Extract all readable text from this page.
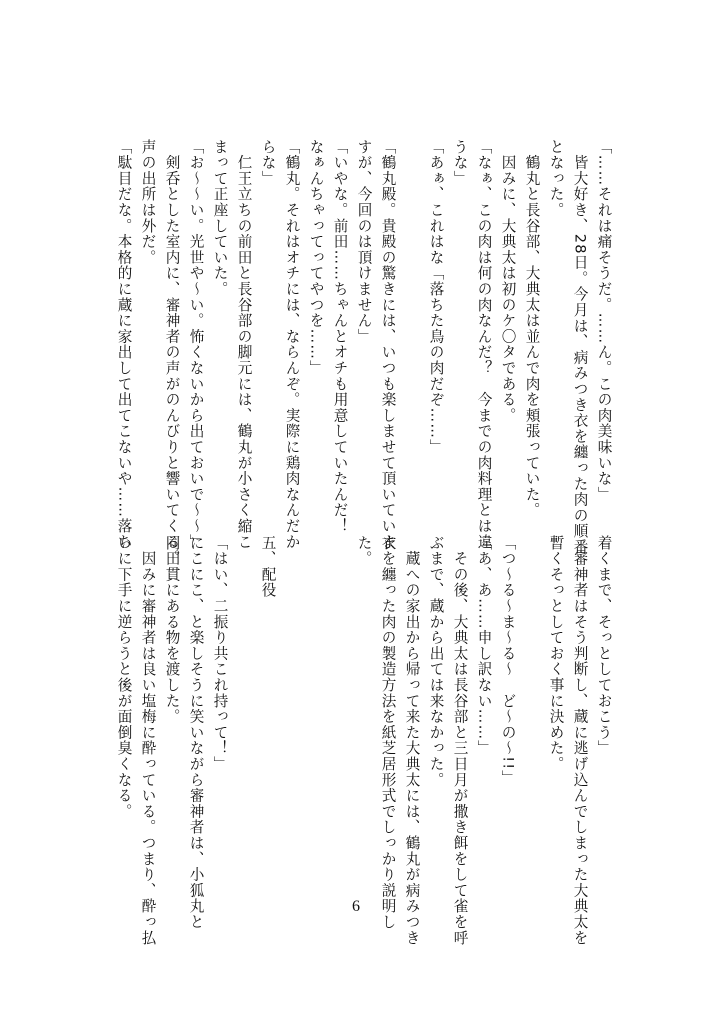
「……それは痛そうだ。……ん。この肉美味いな」
　皆大好き、28日。今月は、病みつき衣を纏った肉の順番
となった。
　鶴丸と長谷部、大典太は並んで肉を頬張っていた。
　因みに、大典太は初のケ〇タである。
「なぁ、この肉は何の肉なんだ？　今までの肉料理とは違
うな」
「あぁ、これはな「落ちた鳥の肉だぞ……」
「鶴丸殿。貴殿の驚きには、いつも楽しませて頂いていま
すが、今回のは頂けません」
「いやな。前田……ちゃんとオチも用意していたんだ！
なぁんちゃってってやつを……」
「鶴丸。それはオチには、ならんぞ。実際に鶏肉なんだか
らな」
　仁王立ちの前田と長谷部の脚元には、鶴丸が小さく縮こ
まって正座していた。
「お～～い。光世や～い。怖くないから出ておいで～～」
　剣呑とした室内に、審神者の声がのんびりと響いてくる。
声の出所は外だ。
「駄目だな。本格的に蔵に家出して出てこないや……落ち
着くまで、そっとしておこう」
　審神者はそう判断し、蔵に逃げ込んでしまった大典太を
暫くそっとしておく事に決めた。
「つ～る～ま～る～　ど～の～!!」
「あ、あ……申し訳ない……」
　その後、大典太は長谷部と三日月が撒き餌をして雀を呼
ぶまで、蔵から出ては来なかった。
　蔵への家出から帰って来た大典太には、鶴丸が病みつき
衣を纏った肉の製造方法を紙芝居形式でしっかり説明し
た。
五、配役
「はい、二振り共これ持って！」
にこにこ、と楽しそうに笑いながら審神者は、小狐丸と
同田貫にある物を渡した。
　因みに審神者は良い塩梅に酔っている。つまり、酔っ払
いに下手に逆らうと後が面倒臭くなる。
6
